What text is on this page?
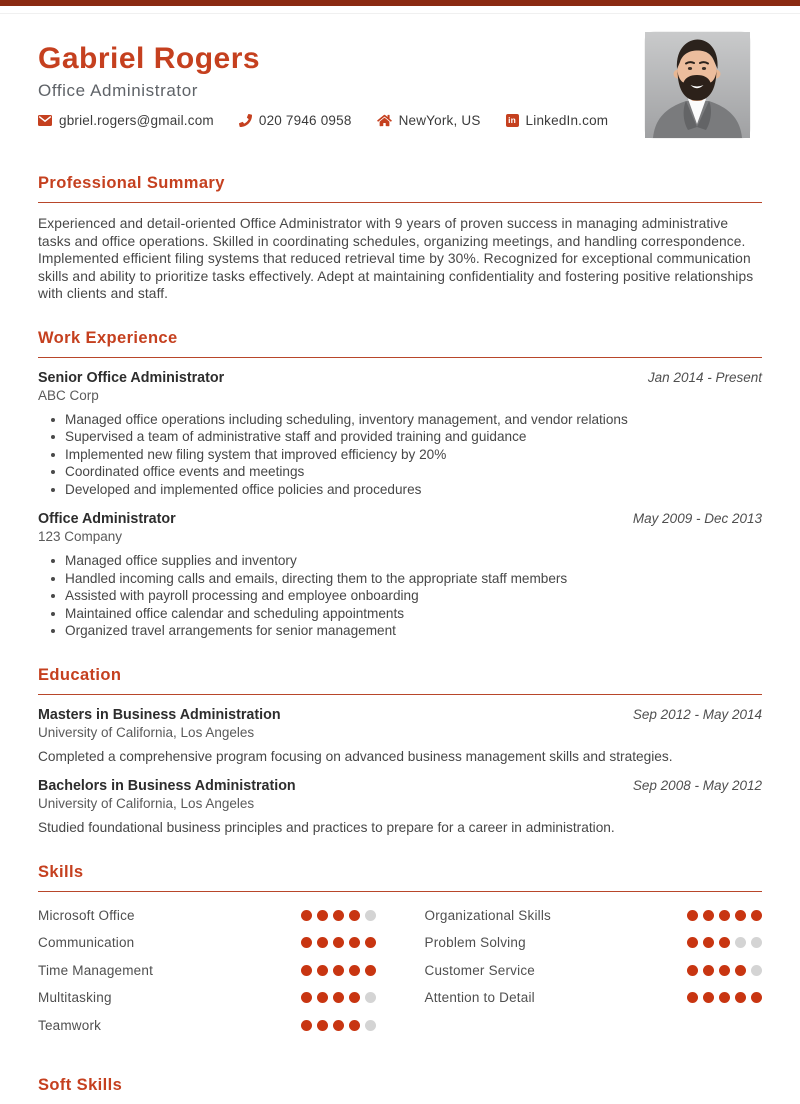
Gabriel Rogers
Office Administrator
gbriel.rogers@gmail.com	020 7946 0958	NewYork, US in	LinkedIn.com
Professional Summary
Experienced and detail-oriented Office Administrator with 9 years of proven success in managing administrative tasks and office operations. Skilled in coordinating schedules, organizing meetings, and handling correspondence. Implemented efficient filing systems that reduced retrieval time by 30%. Recognized for exceptional communication skills and ability to prioritize tasks effectively. Adept at maintaining confidentiality and fostering positive relationships with clients and staff.
Work Experience
Senior Office Administrator	Jan 2014 - Present
ABC Corp
Managed office operations including scheduling, inventory management, and vendor relations
Supervised a team of administrative staff and provided training and guidance
Implemented new filing system that improved efficiency by 20%
Coordinated office events and meetings
Developed and implemented office policies and procedures
Office Administrator	May 2009 - Dec 2013
123 Company
Managed office supplies and inventory
Handled incoming calls and emails, directing them to the appropriate staff members
Assisted with payroll processing and employee onboarding
Maintained office calendar and scheduling appointments
Organized travel arrangements for senior management
Education
Masters in Business Administration	Sep 2012 - May 2014
University of California, Los Angeles
Completed a comprehensive program focusing on advanced business management skills and strategies.
Bachelors in Business Administration	Sep 2008 - May 2012
University of California, Los Angeles
Studied foundational business principles and practices to prepare for a career in administration.
Skills
Microsoft Office
Communication
Time Management
Multitasking
Teamwork
Organizational Skills
Problem Solving
Customer Service
Attention to Detail
Soft Skills
